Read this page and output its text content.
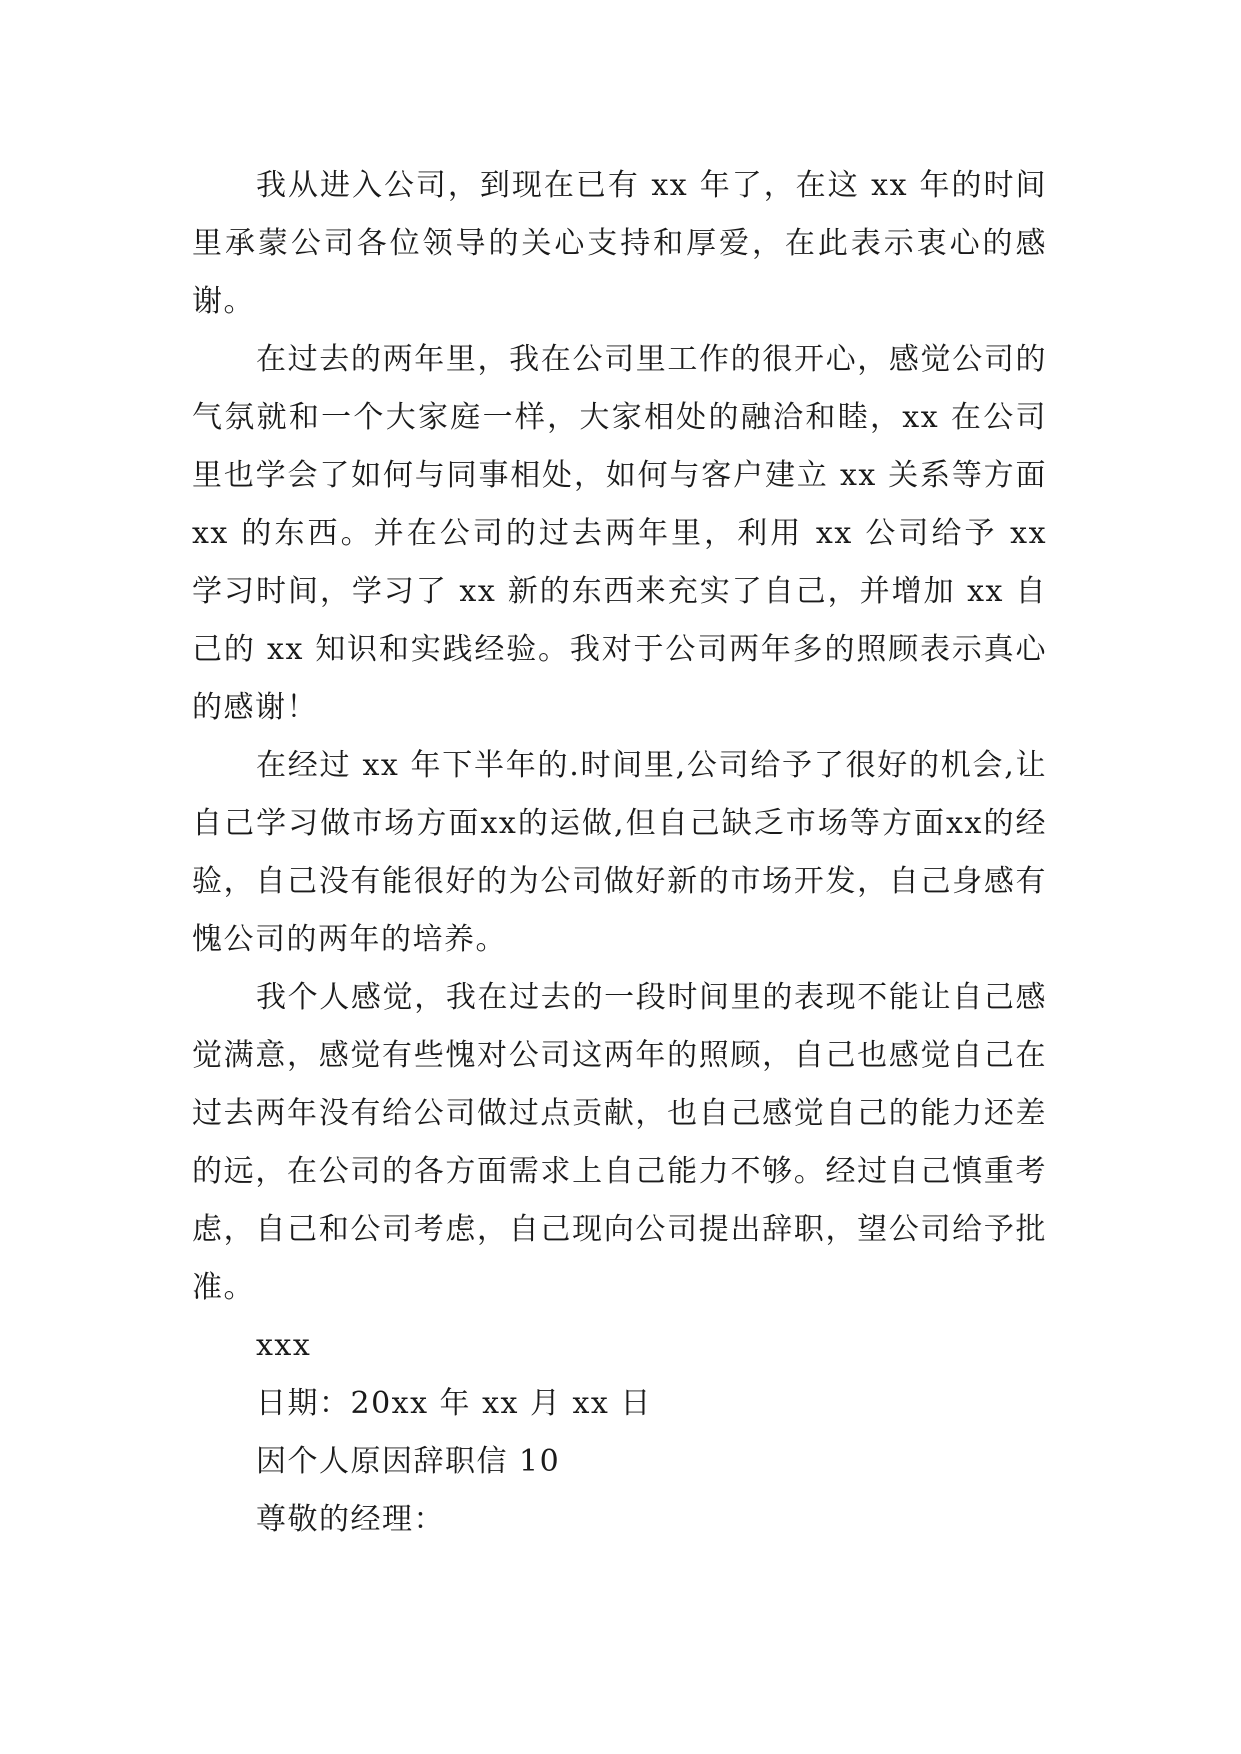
我从进入公司，到现在已有 xx 年了，在这 xx 年的时间里承蒙公司各位领导的关心支持和厚爱，在此表示衷心的感谢。

在过去的两年里，我在公司里工作的很开心，感觉公司的气氛就和一个大家庭一样，大家相处的融洽和睦，xx 在公司里也学会了如何与同事相处，如何与客户建立 xx 关系等方面 xx 的东西。并在公司的过去两年里，利用 xx 公司给予 xx 学习时间，学习了 xx 新的东西来充实了自己，并增加 xx 自己的 xx 知识和实践经验。我对于公司两年多的照顾表示真心的感谢！

在经过 xx 年下半年的.时间里,公司给予了很好的机会,让自己学习做市场方面xx的运做,但自己缺乏市场等方面xx的经验，自己没有能很好的为公司做好新的市场开发，自己身感有愧公司的两年的培养。

我个人感觉，我在过去的一段时间里的表现不能让自己感觉满意，感觉有些愧对公司这两年的照顾，自己也感觉自己在过去两年没有给公司做过点贡献，也自己感觉自己的能力还差的远，在公司的各方面需求上自己能力不够。经过自己慎重考虑，自己和公司考虑，自己现向公司提出辞职，望公司给予批准。

xxx

日期：20xx 年 xx 月 xx 日

因个人原因辞职信 10

尊敬的经理：
